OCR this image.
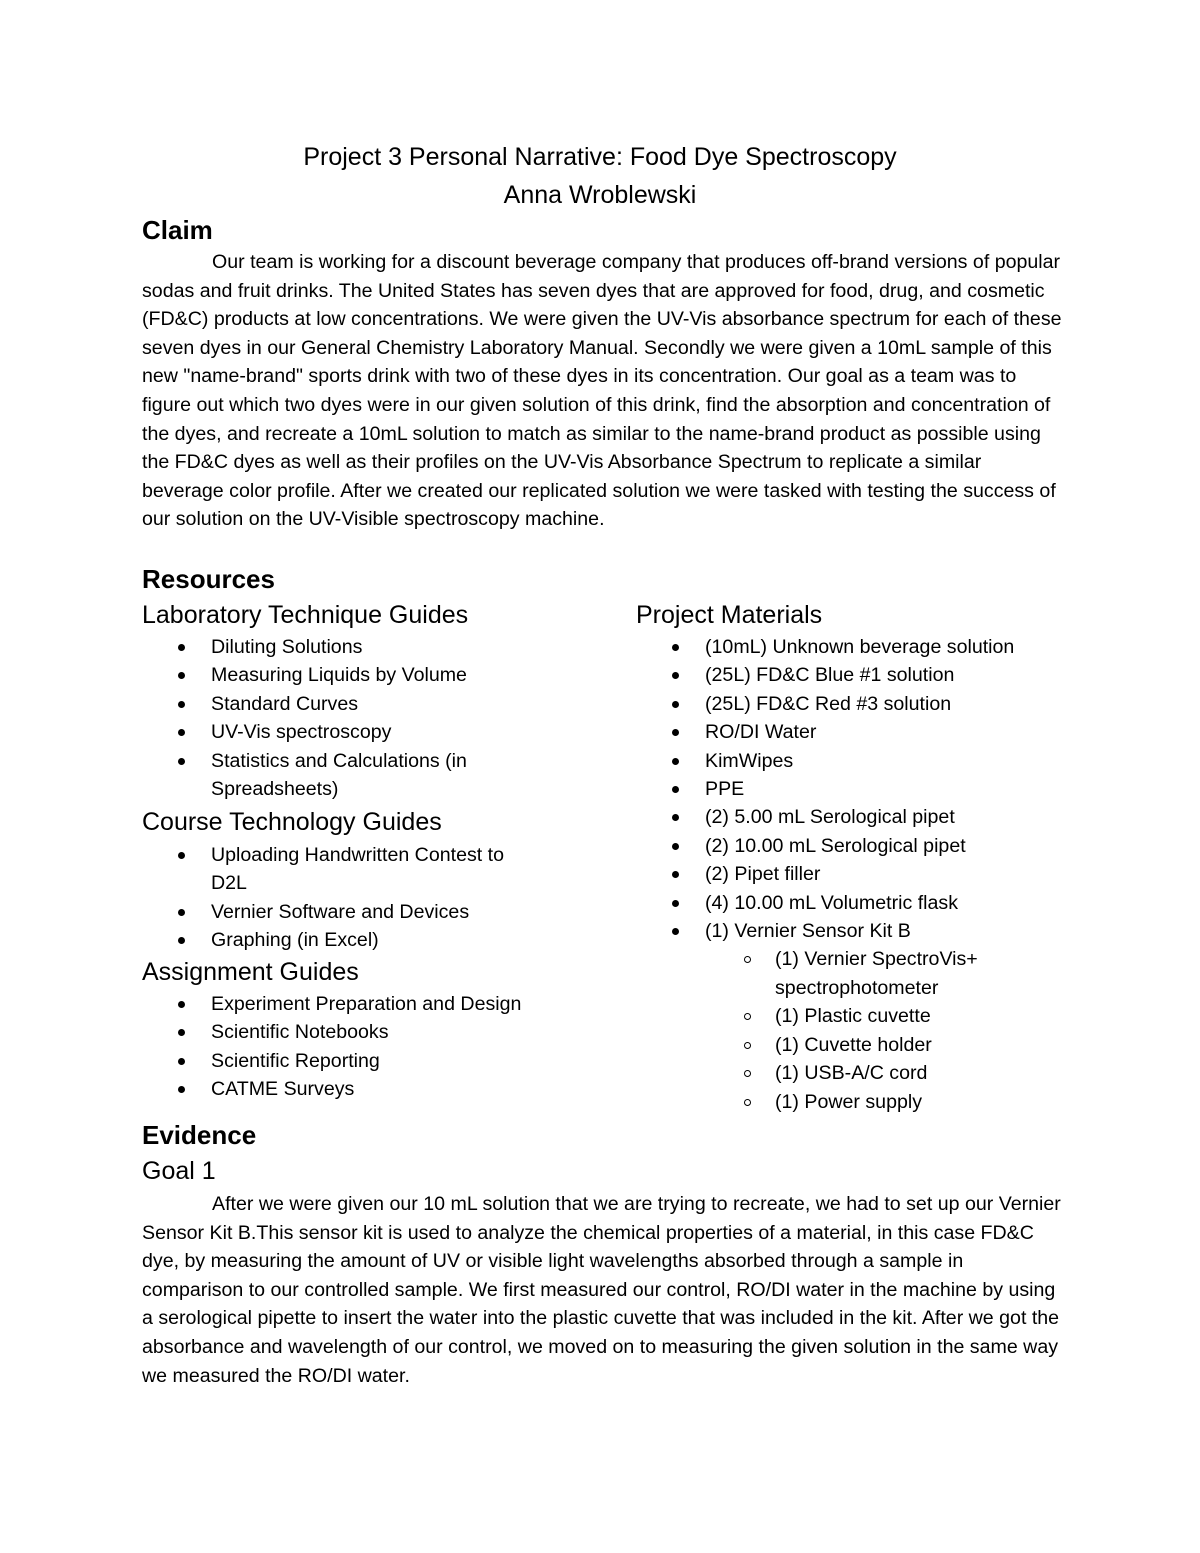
Project 3 Personal Narrative: Food Dye Spectroscopy
Anna Wroblewski
Claim

Our team is working for a discount beverage company that produces off-brand versions of popular sodas and fruit drinks. The United States has seven dyes that are approved for food, drug, and cosmetic (FD&C) products at low concentrations. We were given the UV-Vis absorbance spectrum for each of these seven dyes in our General Chemistry Laboratory Manual. Secondly we were given a 10mL sample of this new "name-brand" sports drink with two of these dyes in its concentration. Our goal as a team was to figure out which two dyes were in our given solution of this drink, find the absorption and concentration of the dyes, and recreate a 10mL solution to match as similar to the name-brand product as possible using the FD&C dyes as well as their profiles on the UV-Vis Absorbance Spectrum to replicate a similar beverage color profile. After we created our replicated solution we were tasked with testing the success of our solution on the UV-Visible spectroscopy machine.

Resources
Laboratory Technique Guides
Diluting Solutions
Measuring Liquids by Volume
Standard Curves
UV-Vis spectroscopy
Statistics and Calculations (in Spreadsheets)
Course Technology Guides
Uploading Handwritten Contest to D2L
Vernier Software and Devices
Graphing (in Excel)
Assignment Guides
Experiment Preparation and Design
Scientific Notebooks
Scientific Reporting
CATME Surveys
Project Materials
(10mL) Unknown beverage solution
(25L) FD&C Blue #1 solution
(25L) FD&C Red #3 solution
RO/DI Water
KimWipes
PPE
(2) 5.00 mL Serological pipet
(2) 10.00 mL Serological pipet
(2) Pipet filler
(4) 10.00 mL Volumetric flask
(1) Vernier Sensor Kit B
(1) Vernier SpectroVis+ spectrophotometer
(1) Plastic cuvette
(1) Cuvette holder
(1) USB-A/C cord
(1) Power supply
Evidence
Goal 1

After we were given our 10 mL solution that we are trying to recreate, we had to set up our Vernier Sensor Kit B.This sensor kit is used to analyze the chemical properties of a material, in this case FD&C dye, by measuring the amount of UV or visible light wavelengths absorbed through a sample in comparison to our controlled sample. We first measured our control, RO/DI water in the machine by using a serological pipette to insert the water into the plastic cuvette that was included in the kit. After we got the absorbance and wavelength of our control, we moved on to measuring the given solution in the same way we measured the RO/DI water.
